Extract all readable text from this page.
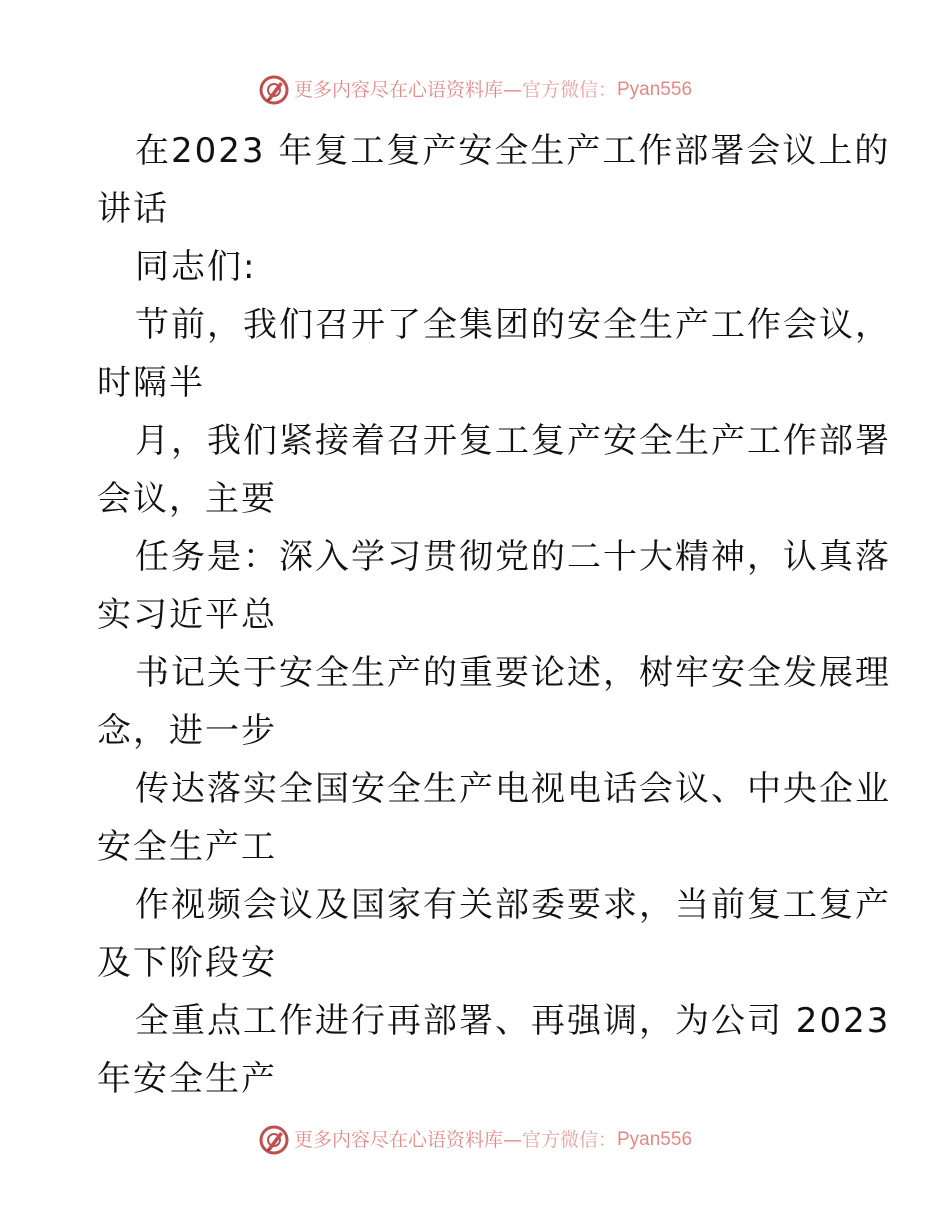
更多内容尽在心语资料库 — 官方微信： Pyan556
在2023 年复工复产安全生产工作部署会议上的
讲话
同志们:
节前，我们召开了全集团的安全生产工作会议，
时隔半
月，我们紧接着召开复工复产安全生产工作部署
会议，主要
任务是：深入学习贯彻党的二十大精神，认真落
实习近平总
书记关于安全生产的重要论述，树牢安全发展理
念，进一步
传达落实全国安全生产电视电话会议、中央企业
安全生产工
作视频会议及国家有关部委要求，当前复工复产
及下阶段安
全重点工作进行再部署、再强调，为公司 2023
年安全生产
更多内容尽在心语资料库 — 官方微信： Pyan556
